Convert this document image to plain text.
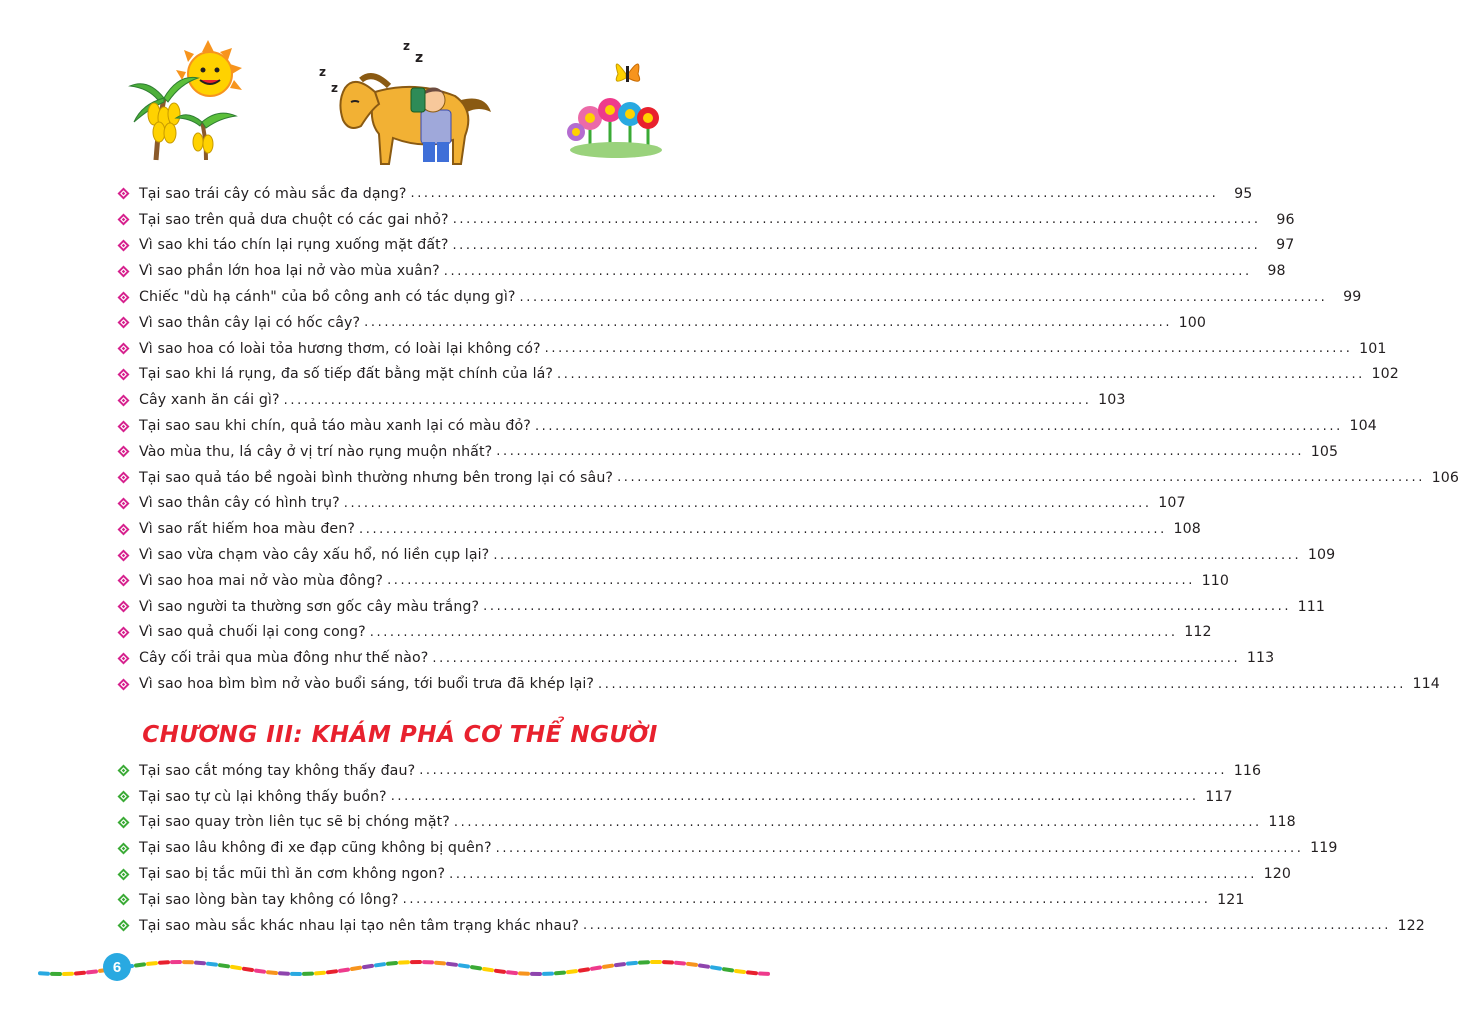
z
z
z
z
Tại sao trái cây có màu sắc đa dạng? ........................................................................................................................	95
Tại sao trên quả dưa chuột có các gai nhỏ? ........................................................................................................................	96
Vì sao khi táo chín lại rụng xuống mặt đất? ........................................................................................................................	97
Vì sao phần lớn hoa lại nở vào mùa xuân? ........................................................................................................................	98
Chiếc "dù hạ cánh" của bồ công anh có tác dụng gì? ........................................................................................................................	99
Vì sao thân cây lại có hốc cây? ........................................................................................................................ 100
Vì sao hoa có loài tỏa hương thơm, có loài lại không có? ........................................................................................................................ 101
Tại sao khi lá rụng, đa số tiếp đất bằng mặt chính của lá? ........................................................................................................................ 102
Cây xanh ăn cái gì? ........................................................................................................................ 103
Tại sao sau khi chín, quả táo màu xanh lại có màu đỏ? ........................................................................................................................ 104
Vào mùa thu, lá cây ở vị trí nào rụng muộn nhất? ........................................................................................................................ 105
Tại sao quả táo bề ngoài bình thường nhưng bên trong lại có sâu? ........................................................................................................................ 106
Vì sao thân cây có hình trụ? ........................................................................................................................ 107
Vì sao rất hiếm hoa màu đen? ........................................................................................................................ 108
Vì sao vừa chạm vào cây xấu hổ, nó liền cụp lại? ........................................................................................................................ 109
Vì sao hoa mai nở vào mùa đông? ........................................................................................................................ 110
Vì sao người ta thường sơn gốc cây màu trắng? ........................................................................................................................ 111
Vì sao quả chuối lại cong cong? ........................................................................................................................ 112
Cây cối trải qua mùa đông như thế nào? ........................................................................................................................ 113
Vì sao hoa bìm bìm nở vào buổi sáng, tới buổi trưa đã khép lại? ........................................................................................................................ 114
CHƯƠNG III: KHÁM PHÁ CƠ THỂ NGƯỜI
Tại sao cắt móng tay không thấy đau? ........................................................................................................................ 116
Tại sao tự cù lại không thấy buồn? ........................................................................................................................ 117
Tại sao quay tròn liên tục sẽ bị chóng mặt? ........................................................................................................................ 118
Tại sao lâu không đi xe đạp cũng không bị quên? ........................................................................................................................ 119
Tại sao bị tắc mũi thì ăn cơm không ngon? ........................................................................................................................ 120
Tại sao lòng bàn tay không có lông? ........................................................................................................................ 121
Tại sao màu sắc khác nhau lại tạo nên tâm trạng khác nhau? ........................................................................................................................ 122
6
